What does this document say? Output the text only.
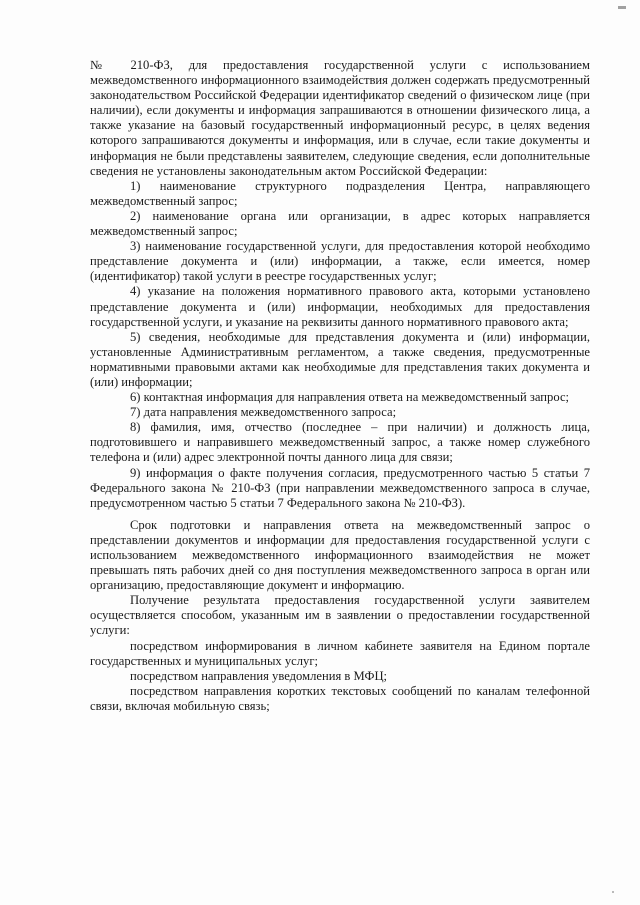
№ 210-ФЗ, для предоставления государственной услуги с использованием межведомственного информационного взаимодействия должен содержать предусмотренный законодательством Российской Федерации идентификатор сведений о физическом лице (при наличии), если документы и информация запрашиваются в отношении физического лица, а также указание на базовый государственный информационный ресурс, в целях ведения которого запрашиваются документы и информация, или в случае, если такие документы и информация не были представлены заявителем, следующие сведения, если дополнительные сведения не установлены законодательным актом Российской Федерации:

1) наименование структурного подразделения Центра, направляющего межведомственный запрос;

2) наименование органа или организации, в адрес которых направляется межведомственный запрос;

3) наименование государственной услуги, для предоставления которой необходимо представление документа и (или) информации, а также, если имеется, номер (идентификатор) такой услуги в реестре государственных услуг;

4) указание на положения нормативного правового акта, которыми установлено представление документа и (или) информации, необходимых для предоставления государственной услуги, и указание на реквизиты данного нормативного правового акта;

5) сведения, необходимые для представления документа и (или) информации, установленные Административным регламентом, а также сведения, предусмотренные нормативными правовыми актами как необходимые для представления таких документа и (или) информации;

6) контактная информация для направления ответа на межведомственный запрос;

7) дата направления межведомственного запроса;

8) фамилия, имя, отчество (последнее – при наличии) и должность лица, подготовившего и направившего межведомственный запрос, а также номер служебного телефона и (или) адрес электронной почты данного лица для связи;

9) информация о факте получения согласия, предусмотренного частью 5 статьи 7 Федерального закона № 210-ФЗ (при направлении межведомственного запроса в случае, предусмотренном частью 5 статьи 7 Федерального закона № 210-ФЗ).

Срок подготовки и направления ответа на межведомственный запрос о представлении документов и информации для предоставления государственной услуги с использованием межведомственного информационного взаимодействия не может превышать пять рабочих дней со дня поступления межведомственного запроса в орган или организацию, предоставляющие документ и информацию.

Получение результата предоставления государственной услуги заявителем осуществляется способом, указанным им в заявлении о предоставлении государственной услуги:

посредством информирования в личном кабинете заявителя на Едином портале государственных и муниципальных услуг;

посредством направления уведомления в МФЦ;

посредством направления коротких текстовых сообщений по каналам телефонной связи, включая мобильную связь;
